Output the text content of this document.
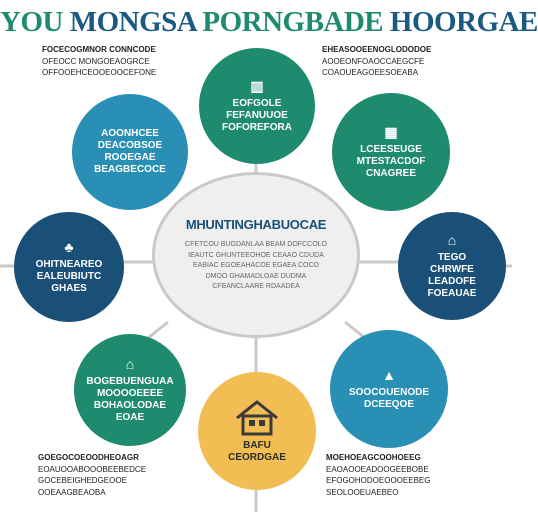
YOU MONGSA PORNGBADE HOORGAE
FOCECOGMNOR CONNCODE
OFEOCC MONGOEAOGRCE
OFFOOEHCEOOEOOCEFONE
EHEASOOEENOGLODODOE
AOOEONFOAOCCAEGCFE
COAOUEAGOEESOEABA
GOEGOCOEOODHEOAGR
EOAUOOABOOOBEEBEDCE
GOCEBEIGHEDGEOOE
OOEAAGBEAOBA
MOEHOEAGCOOHOEEG
EAOAOOEADOOGEEBOBE
EFOGOHODOEOOOEEBEG
SEOLOOEUAEBEO
▥
EOFGOLE
FEFANUUOE
FOFOREFORA	▦
LCEESEUGE
MTESTACDOF
CNAGREE
⌂
TEGO
CHRWFE
LEADOFE
FOEAUAE
▲
SOOCOUENODE
DCEEQOE
BAFU
CEORDGAE
⌂
BOGEBUENGUAA
MOOOOEEEE
BOHAOLODAE
EOAE
♣
OHITNEAREO
EALEUBIUTC
GHAES
AOONHCEE
DEACOBSOE
ROOEGAE
BEAGBECOCE
MHUNTINGHABUOCAE
CFETCOU BUGDANLAA BEAM DOFCCOLO
IEAUTC GHUNTEEOHOE CEAAO CDUDA
EABIAC EGOEAHACOE EGAEA COCO
DMOO GHAMADLOAE DUDMA
CFEANCLAARE RDAADEA
